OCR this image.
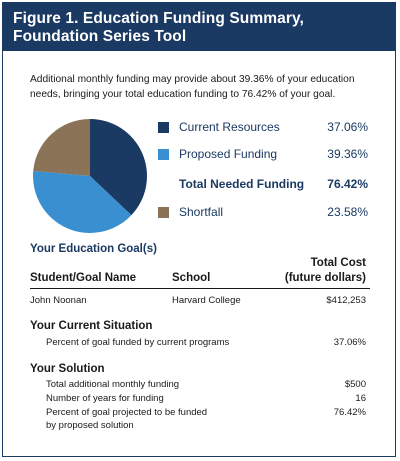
Figure 1. Education Funding Summary,
Foundation Series Tool
Additional monthly funding may provide about 39.36% of your education
needs, bringing your total education funding to 76.42% of your goal.
Current Resources	37.06%
Proposed Funding	39.36%
Total Needed Funding 76.42%
Shortfall	23.58%
Your Education Goal(s)
Student/Goal Name	School
Total Cost
(future dollars)
John Noonan	Harvard College	$412,253
Your Current Situation
Percent of goal funded by current programs	37.06%
Your Solution
Total additional monthly funding	$500
Number of years for funding	16
Percent of goal projected to be funded
by proposed solution
76.42%
